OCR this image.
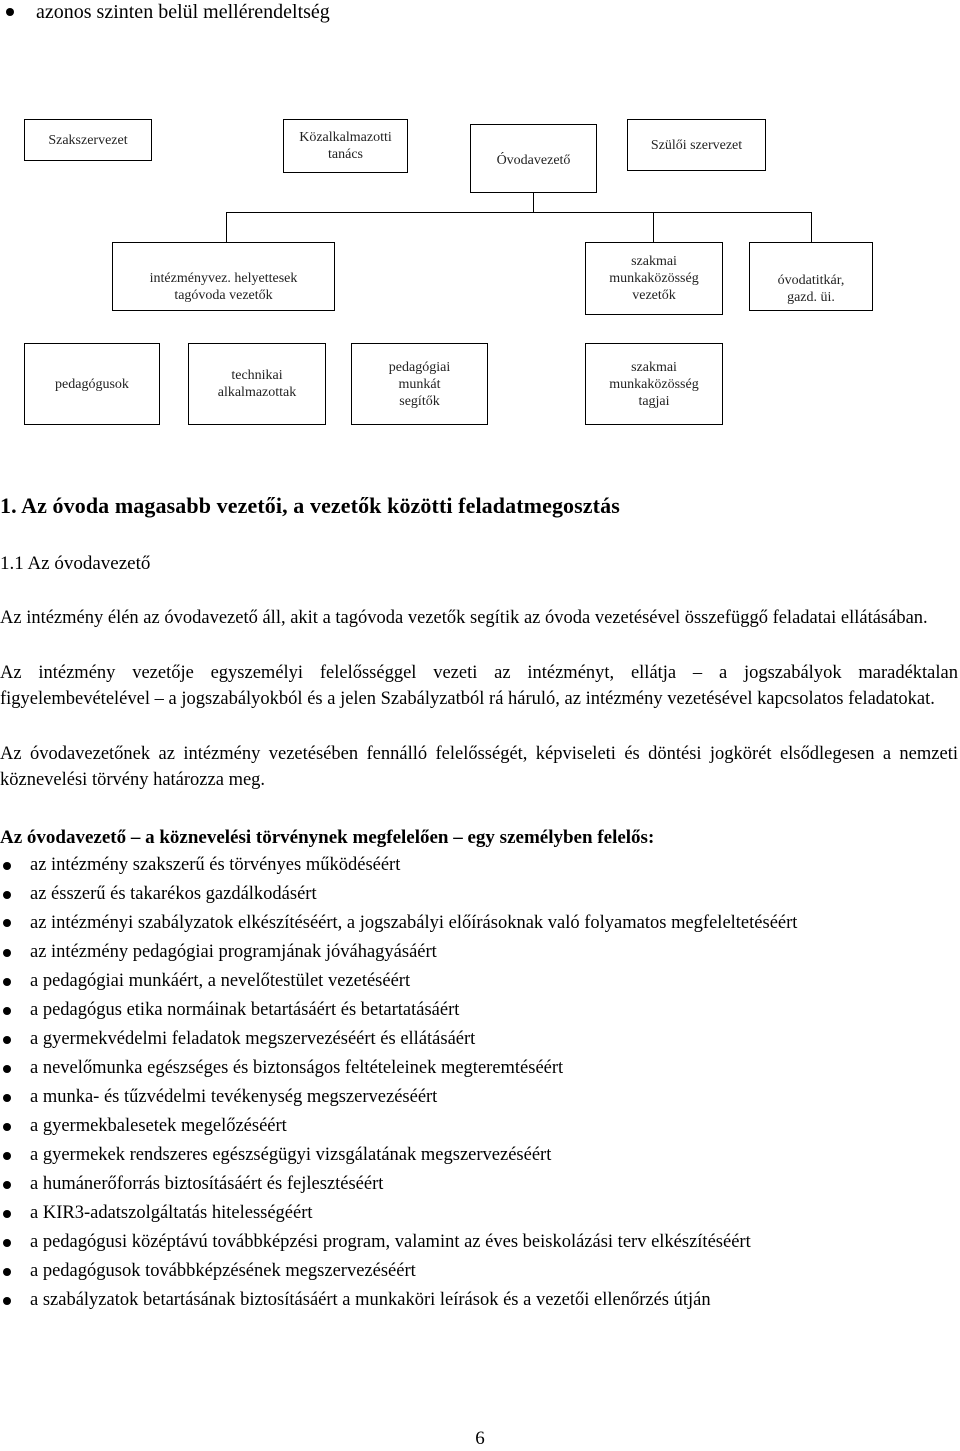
azonos szinten belül mellérendeltség
Szakszervezet	Közalkalmazotti
tanács	Óvodavezető
Szülői szervezet
intézményvez. helyettesek
tagóvoda vezetők
szakmai
munkaközösség
vezetők
óvodatitkár,
gazd. üi.
pedagógusok
technikai
alkalmazottak
pedagógiai
munkát
segítők
szakmai
munkaközösség
tagjai
1. Az óvoda magasabb vezetői, a vezetők közötti feladatmegosztás
1.1 Az óvodavezető
Az intézmény élén az óvodavezető áll, akit a tagóvoda vezetők segítik az óvoda vezetésével összefüggő feladatai ellátásában.
Az intézmény vezetője egyszemélyi felelősséggel vezeti az intézményt, ellátja – a jogszabályok maradéktalan figyelembevételével – a jogszabályokból és a jelen Szabályzatból rá háruló, az intézmény vezetésével kapcsolatos feladatokat.
Az óvodavezetőnek az intézmény vezetésében fennálló felelősségét, képviseleti és döntési jogkörét elsődlegesen a nemzeti köznevelési törvény határozza meg.
Az óvodavezető – a köznevelési törvénynek megfelelően – egy személyben felelős:
az intézmény szakszerű és törvényes működéséért
az ésszerű és takarékos gazdálkodásért
az intézményi szabályzatok elkészítéséért, a jogszabályi előírásoknak való folyamatos megfeleltetéséért
az intézmény pedagógiai programjának jóváhagyásáért
a pedagógiai munkáért, a nevelőtestület vezetéséért
a pedagógus etika normáinak betartásáért és betartatásáért
a gyermekvédelmi feladatok megszervezéséért és ellátásáért
a nevelőmunka egészséges és biztonságos feltételeinek megteremtéséért
a munka- és tűzvédelmi tevékenység megszervezéséért
a gyermekbalesetek megelőzéséért
a gyermekek rendszeres egészségügyi vizsgálatának megszervezéséért
a humánerőforrás biztosításáért és fejlesztéséért
a KIR3-adatszolgáltatás hitelességéért
a pedagógusi középtávú továbbképzési program, valamint az éves beiskolázási terv elkészítéséért
a pedagógusok továbbképzésének megszervezéséért
a szabályzatok betartásának biztosításáért a munkaköri leírások és a vezetői ellenőrzés útján
6
